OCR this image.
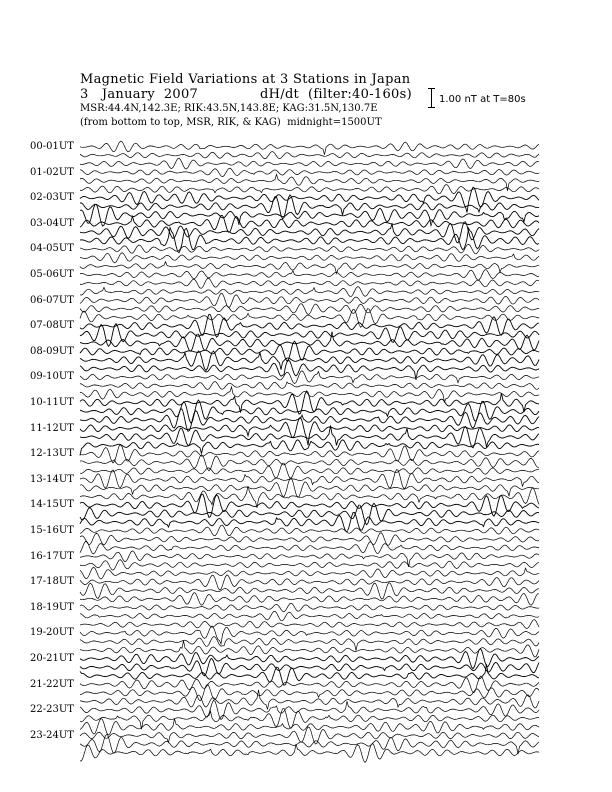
Magnetic Field Variations at 3 Stations in Japan
3   January  2007	dH/dt  (filter:40-160s)
MSR:44.4N,142.3E; RIK:43.5N,143.8E; KAG:31.5N,130.7E
(from bottom to top, MSR, RIK, & KAG)  midnight=1500UT
1.00 nT at T=80s
00-01UT
01-02UT
02-03UT
03-04UT
04-05UT
05-06UT
06-07UT
07-08UT
08-09UT
09-10UT
10-11UT
11-12UT
12-13UT
13-14UT
14-15UT
15-16UT
16-17UT
17-18UT
18-19UT
19-20UT
20-21UT
21-22UT
22-23UT
23-24UT
